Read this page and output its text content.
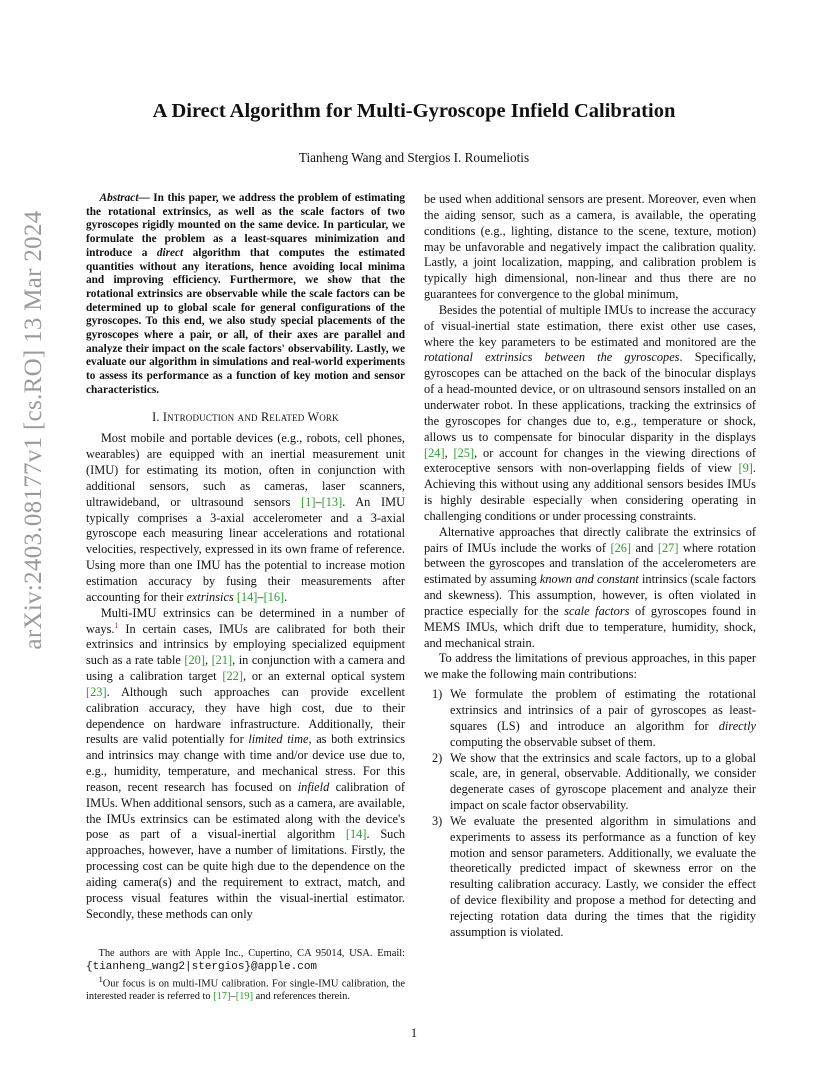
arXiv:2403.08177v1 [cs.RO] 13 Mar 2024
A Direct Algorithm for Multi-Gyroscope Infield Calibration
Tianheng Wang and Stergios I. Roumeliotis

Abstract— In this paper, we address the problem of estimating the rotational extrinsics, as well as the scale factors of two gyroscopes rigidly mounted on the same device. In particular, we formulate the problem as a least-squares minimization and introduce a direct algorithm that computes the estimated quantities without any iterations, hence avoiding local minima and improving efficiency. Furthermore, we show that the rotational extrinsics are observable while the scale factors can be determined up to global scale for general configurations of the gyroscopes. To this end, we also study special placements of the gyroscopes where a pair, or all, of their axes are parallel and analyze their impact on the scale factors' observability. Lastly, we evaluate our algorithm in simulations and real-world experiments to assess its performance as a function of key motion and sensor characteristics.

I. Introduction and Related Work

Most mobile and portable devices (e.g., robots, cell phones, wearables) are equipped with an inertial measurement unit (IMU) for estimating its motion, often in conjunction with additional sensors, such as cameras, laser scanners, ultrawideband, or ultrasound sensors [1]–[13]. An IMU typically comprises a 3-axial accelerometer and a 3-axial gyroscope each measuring linear accelerations and rotational velocities, respectively, expressed in its own frame of reference. Using more than one IMU has the potential to increase motion estimation accuracy by fusing their measurements after accounting for their extrinsics [14]–[16].

Multi-IMU extrinsics can be determined in a number of ways.$^1$ In certain cases, IMUs are calibrated for both their extrinsics and intrinsics by employing specialized equipment such as a rate table [20], [21], in conjunction with a camera and using a calibration target [22], or an external optical system [23]. Although such approaches can provide excellent calibration accuracy, they have high cost, due to their dependence on hardware infrastructure. Additionally, their results are valid potentially for limited time, as both extrinsics and intrinsics may change with time and/or device use due to, e.g., humidity, temperature, and mechanical stress. For this reason, recent research has focused on infield calibration of IMUs. When additional sensors, such as a camera, are available, the IMUs extrinsics can be estimated along with the device's pose as part of a visual-inertial algorithm [14]. Such approaches, however, have a number of limitations. Firstly, the processing cost can be quite high due to the dependence on the aiding camera(s) and the requirement to extract, match, and process visual features within the visual-inertial estimator. Secondly, these methods can only

be used when additional sensors are present. Moreover, even when the aiding sensor, such as a camera, is available, the operating conditions (e.g., lighting, distance to the scene, texture, motion) may be unfavorable and negatively impact the calibration quality. Lastly, a joint localization, mapping, and calibration problem is typically high dimensional, non-linear and thus there are no guarantees for convergence to the global minimum,

Besides the potential of multiple IMUs to increase the accuracy of visual-inertial state estimation, there exist other use cases, where the key parameters to be estimated and monitored are the rotational extrinsics between the gyroscopes. Specifically, gyroscopes can be attached on the back of the binocular displays of a head-mounted device, or on ultrasound sensors installed on an underwater robot. In these applications, tracking the extrinsics of the gyroscopes for changes due to, e.g., temperature or shock, allows us to compensate for binocular disparity in the displays [24], [25], or account for changes in the viewing directions of exteroceptive sensors with non-overlapping fields of view [9]. Achieving this without using any additional sensors besides IMUs is highly desirable especially when considering operating in challenging conditions or under processing constraints.

Alternative approaches that directly calibrate the extrinsics of pairs of IMUs include the works of [26] and [27] where rotation between the gyroscopes and translation of the accelerometers are estimated by assuming known and constant intrinsics (scale factors and skewness). This assumption, however, is often violated in practice especially for the scale factors of gyroscopes found in MEMS IMUs, which drift due to temperature, humidity, shock, and mechanical strain.

To address the limitations of previous approaches, in this paper we make the following main contributions:

1) We formulate the problem of estimating the rotational extrinsics and intrinsics of a pair of gyroscopes as least-squares (LS) and introduce an algorithm for directly computing the observable subset of them.
2) We show that the extrinsics and scale factors, up to a global scale, are, in general, observable. Additionally, we consider degenerate cases of gyroscope placement and analyze their impact on scale factor observability.
3) We evaluate the presented algorithm in simulations and experiments to assess its performance as a function of key motion and sensor parameters. Additionally, we evaluate the theoretically predicted impact of skewness error on the resulting calibration accuracy. Lastly, we consider the effect of device flexibility and propose a method for detecting and rejecting rotation data during the times that the rigidity assumption is violated.

The authors are with Apple Inc., Cupertino, CA 95014, USA. Email: {tianheng_wang2|stergios}@apple.com

$^1$Our focus is on multi-IMU calibration. For single-IMU calibration, the interested reader is referred to [17]–[19] and references therein.

1
